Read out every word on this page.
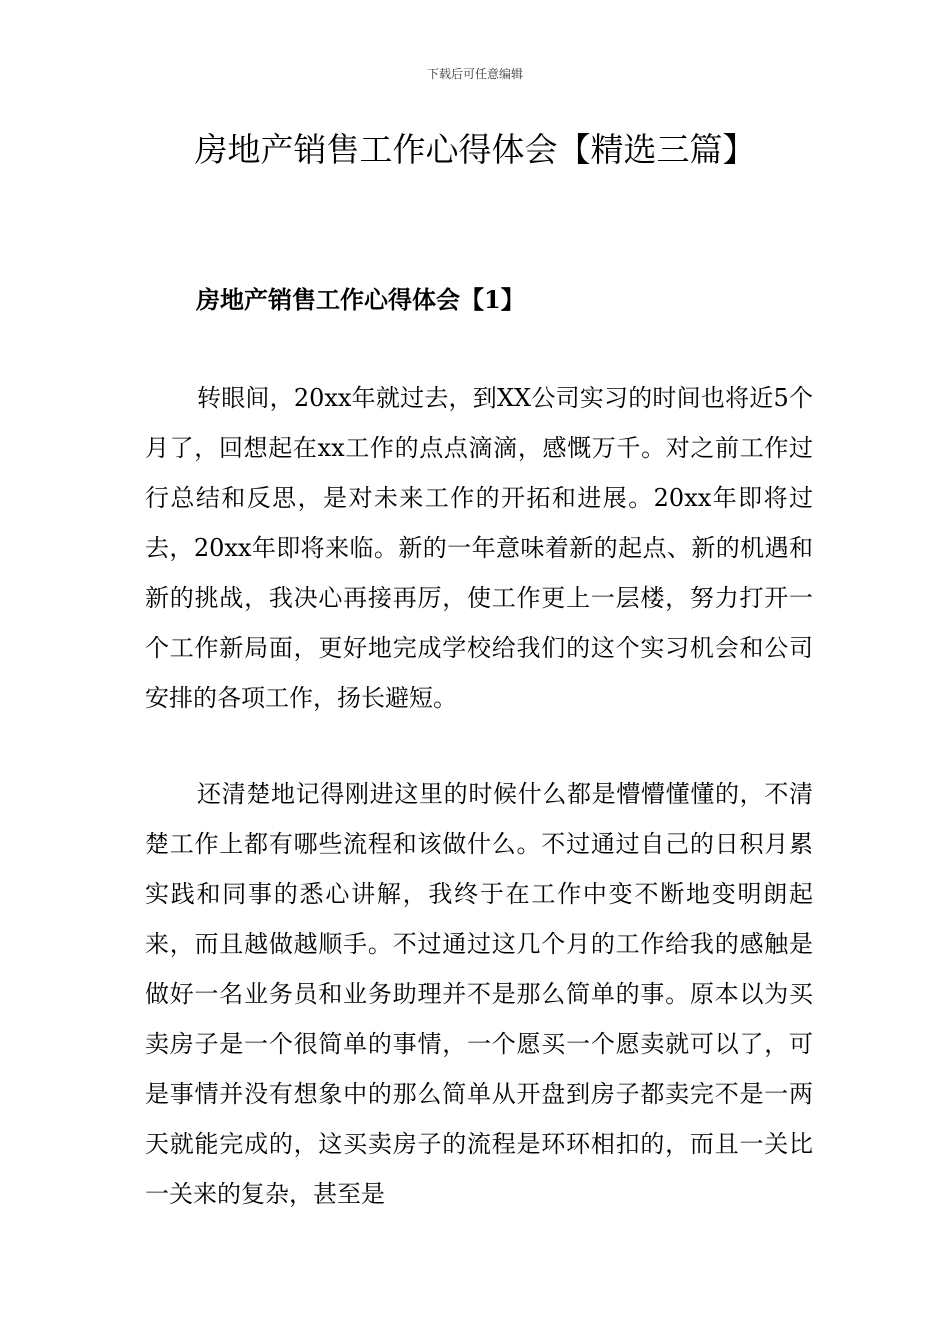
下载后可任意编辑
房地产销售工作心得体会【精选三篇】
房地产销售工作心得体会【1】

转眼间，20xx年就过去，到XX公司实习的时间也将近5个月了，回想起在xx工作的点点滴滴，感慨万千。对之前工作过行总结和反思，是对未来工作的开拓和进展。20xx年即将过去，20xx年即将来临。新的一年意味着新的起点、新的机遇和新的挑战，我决心再接再厉，使工作更上一层楼，努力打开一个工作新局面，更好地完成学校给我们的这个实习机会和公司安排的各项工作，扬长避短。

还清楚地记得刚进这里的时候什么都是懵懵懂懂的，不清楚工作上都有哪些流程和该做什么。不过通过自己的日积月累实践和同事的悉心讲解，我终于在工作中变不断地变明朗起来，而且越做越顺手。不过通过这几个月的工作给我的感触是做好一名业务员和业务助理并不是那么简单的事。原本以为买卖房子是一个很简单的事情，一个愿买一个愿卖就可以了，可是事情并没有想象中的那么简单从开盘到房子都卖完不是一两天就能完成的，这买卖房子的流程是环环相扣的，而且一关比一关来的复杂，甚至是
